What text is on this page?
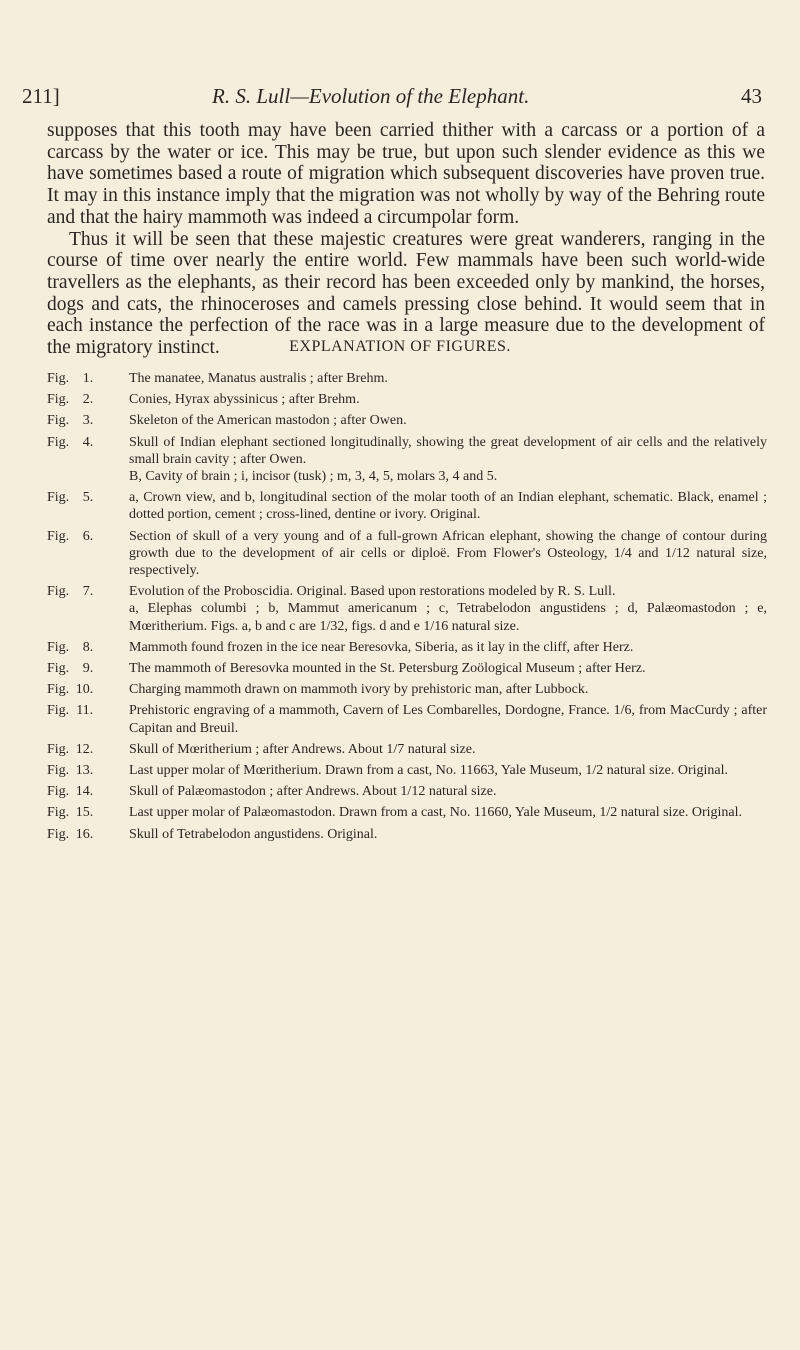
211]	R. S. Lull—Evolution of the Elephant.	43

supposes that this tooth may have been carried thither with a carcass or a portion of a carcass by the water or ice. This may be true, but upon such slender evidence as this we have sometimes based a route of migration which subsequent discoveries have proven true. It may in this instance imply that the migration was not wholly by way of the Behring route and that the hairy mammoth was indeed a circumpolar form.

Thus it will be seen that these majestic creatures were great wanderers, ranging in the course of time over nearly the entire world. Few mammals have been such world-wide travellers as the elephants, as their record has been exceeded only by mankind, the horses, dogs and cats, the rhinoceroses and camels pressing close behind. It would seem that in each instance the perfection of the race was in a large measure due to the development of the migratory instinct.	EXPLANATION OF FIGURES.
Fig. 1.	The manatee, Manatus australis ; after Brehm.
Fig. 2.	Conies, Hyrax abyssinicus ; after Brehm.
Fig. 3.	Skeleton of the American mastodon ; after Owen.
Fig. 4.	Skull of Indian elephant sectioned longitudinally, showing the great development of air cells and the relatively small brain cavity ; after Owen.
B, Cavity of brain ; i, incisor (tusk) ; m, 3, 4, 5, molars 3, 4 and 5.
Fig. 5.	a, Crown view, and b, longitudinal section of the molar tooth of an Indian elephant, schematic. Black, enamel ; dotted portion, cement ; cross-lined, dentine or ivory. Original.
Fig. 6.	Section of skull of a very young and of a full-grown African elephant, showing the change of contour during growth due to the development of air cells or diploë. From Flower's Osteology, 1/4 and 1/12 natural size, respectively.
Fig. 7.	Evolution of the Proboscidia. Original. Based upon restorations modeled by R. S. Lull.
a, Elephas columbi ; b, Mammut americanum ; c, Tetrabelodon angustidens ; d, Palæomastodon ; e, Mœritherium. Figs. a, b and c are 1/32, figs. d and e 1/16 natural size.
Fig. 8.	Mammoth found frozen in the ice near Beresovka, Siberia, as it lay in the cliff, after Herz.
Fig. 9.	The mammoth of Beresovka mounted in the St. Petersburg Zoölogical Museum ; after Herz.
Fig. 10.	Charging mammoth drawn on mammoth ivory by prehistoric man, after Lubbock.
Fig. 11.	Prehistoric engraving of a mammoth, Cavern of Les Combarelles, Dordogne, France. 1/6, from MacCurdy ; after Capitan and Breuil.
Fig. 12.	Skull of Mœritherium ; after Andrews. About 1/7 natural size.
Fig. 13.	Last upper molar of Mœritherium. Drawn from a cast, No. 11663, Yale Museum, 1/2 natural size. Original.
Fig. 14.	Skull of Palæomastodon ; after Andrews. About 1/12 natural size.
Fig. 15.	Last upper molar of Palæomastodon. Drawn from a cast, No. 11660, Yale Museum, 1/2 natural size. Original.
Fig. 16.	Skull of Tetrabelodon angustidens. Original.
